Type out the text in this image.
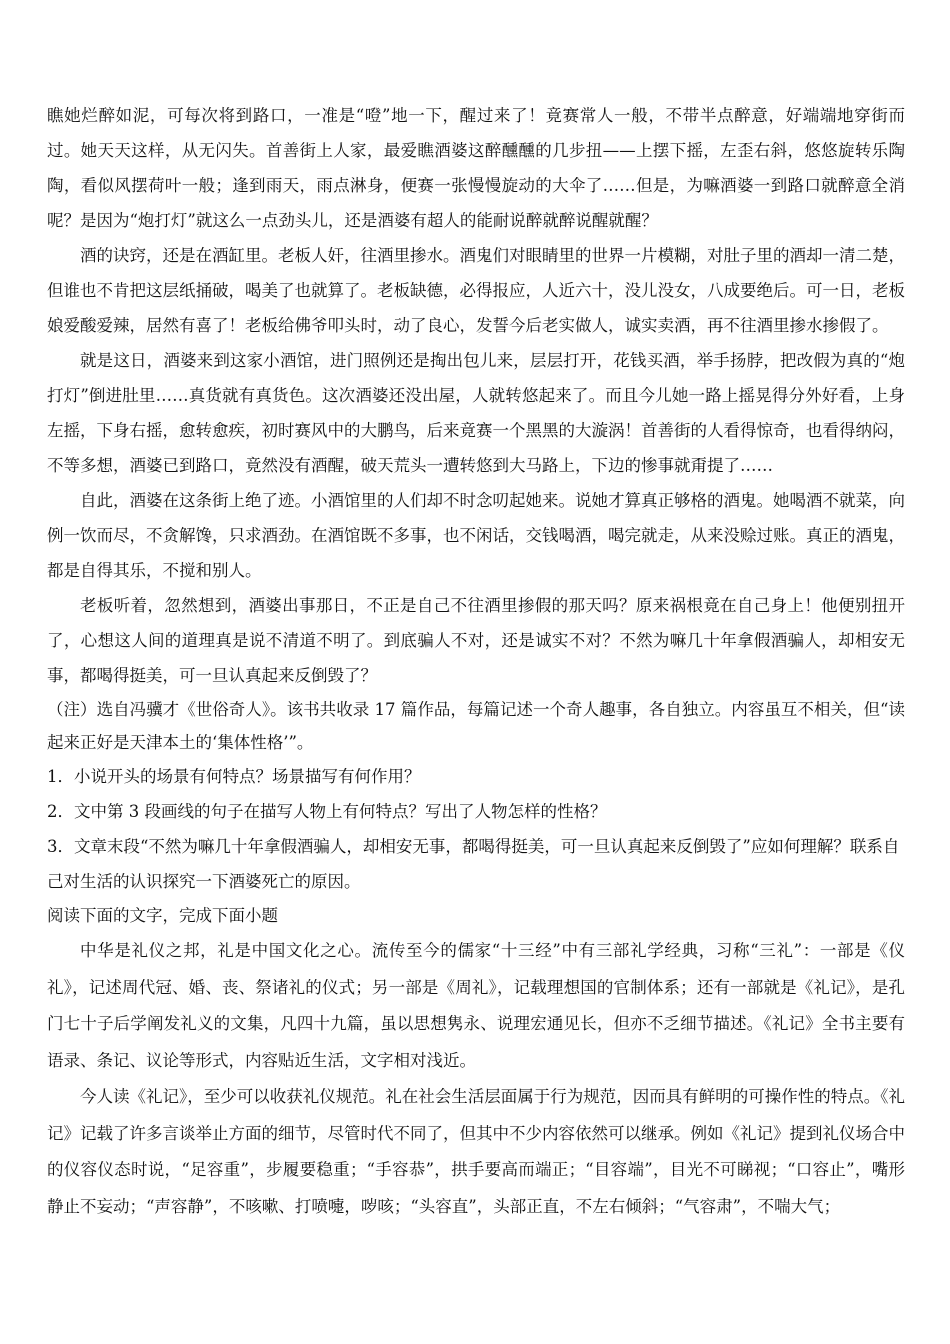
瞧她烂醉如泥，可每次将到路口，一准是“噔”地一下，醒过来了！竟赛常人一般，不带半点醉意，好端端地穿街而过。她天天这样，从无闪失。首善街上人家，最爱瞧酒婆这醉醺醺的几步扭——上摆下摇，左歪右斜，悠悠旋转乐陶陶，看似风摆荷叶一般；逢到雨天，雨点淋身，便赛一张慢慢旋动的大伞了……但是，为嘛酒婆一到路口就醉意全消呢？是因为“炮打灯”就这么一点劲头儿，还是酒婆有超人的能耐说醉就醉说醒就醒？

酒的诀窍，还是在酒缸里。老板人奸，往酒里掺水。酒鬼们对眼睛里的世界一片模糊，对肚子里的酒却一清二楚，但谁也不肯把这层纸捅破，喝美了也就算了。老板缺德，必得报应，人近六十，没儿没女，八成要绝后。可一日，老板娘爱酸爱辣，居然有喜了！老板给佛爷叩头时，动了良心，发誓今后老实做人，诚实卖酒，再不往酒里掺水掺假了。

就是这日，酒婆来到这家小酒馆，进门照例还是掏出包儿来，层层打开，花钱买酒，举手扬脖，把改假为真的“炮打灯”倒进肚里……真货就有真货色。这次酒婆还没出屋，人就转悠起来了。而且今儿她一路上摇晃得分外好看，上身左摇，下身右摇，愈转愈疾，初时赛风中的大鹏鸟，后来竟赛一个黑黑的大漩涡！首善街的人看得惊奇，也看得纳闷，不等多想，酒婆已到路口，竟然没有酒醒，破天荒头一遭转悠到大马路上，下边的惨事就甭提了……

自此，酒婆在这条街上绝了迹。小酒馆里的人们却不时念叨起她来。说她才算真正够格的酒鬼。她喝酒不就菜，向例一饮而尽，不贪解馋，只求酒劲。在酒馆既不多事，也不闲话，交钱喝酒，喝完就走，从来没赊过账。真正的酒鬼，都是自得其乐，不搅和别人。

老板听着，忽然想到，酒婆出事那日，不正是自己不往酒里掺假的那天吗？原来祸根竟在自己身上！他便别扭开了，心想这人间的道理真是说不清道不明了。到底骗人不对，还是诚实不对？不然为嘛几十年拿假酒骗人，却相安无事，都喝得挺美，可一旦认真起来反倒毁了？

（注）选自冯骥才《世俗奇人》。该书共收录 17 篇作品，每篇记述一个奇人趣事，各自独立。内容虽互不相关，但“读起来正好是天津本土的‘集体性格’”。

1．小说开头的场景有何特点？场景描写有何作用？

2．文中第 3 段画线的句子在描写人物上有何特点？写出了人物怎样的性格？

3．文章末段“不然为嘛几十年拿假酒骗人，却相安无事，都喝得挺美，可一旦认真起来反倒毁了”应如何理解？联系自己对生活的认识探究一下酒婆死亡的原因。

阅读下面的文字，完成下面小题

中华是礼仪之邦，礼是中国文化之心。流传至今的儒家“十三经”中有三部礼学经典，习称“三礼”：一部是《仪礼》，记述周代冠、婚、丧、祭诸礼的仪式；另一部是《周礼》，记载理想国的官制体系；还有一部就是《礼记》，是孔门七十子后学阐发礼义的文集，凡四十九篇，虽以思想隽永、说理宏通见长，但亦不乏细节描述。《礼记》全书主要有语录、条记、议论等形式，内容贴近生活，文字相对浅近。

今人读《礼记》，至少可以收获礼仪规范。礼在社会生活层面属于行为规范，因而具有鲜明的可操作性的特点。《礼记》记载了许多言谈举止方面的细节，尽管时代不同了，但其中不少内容依然可以继承。例如《礼记》提到礼仪场合中的仪容仪态时说，“足容重”，步履要稳重；“手容恭”，拱手要高而端正；“目容端”，目光不可睇视；“口容止”，嘴形静止不妄动；“声容静”，不咳嗽、打喷嚏，哕咳；“头容直”，头部正直，不左右倾斜；“气容肃”，不喘大气；
